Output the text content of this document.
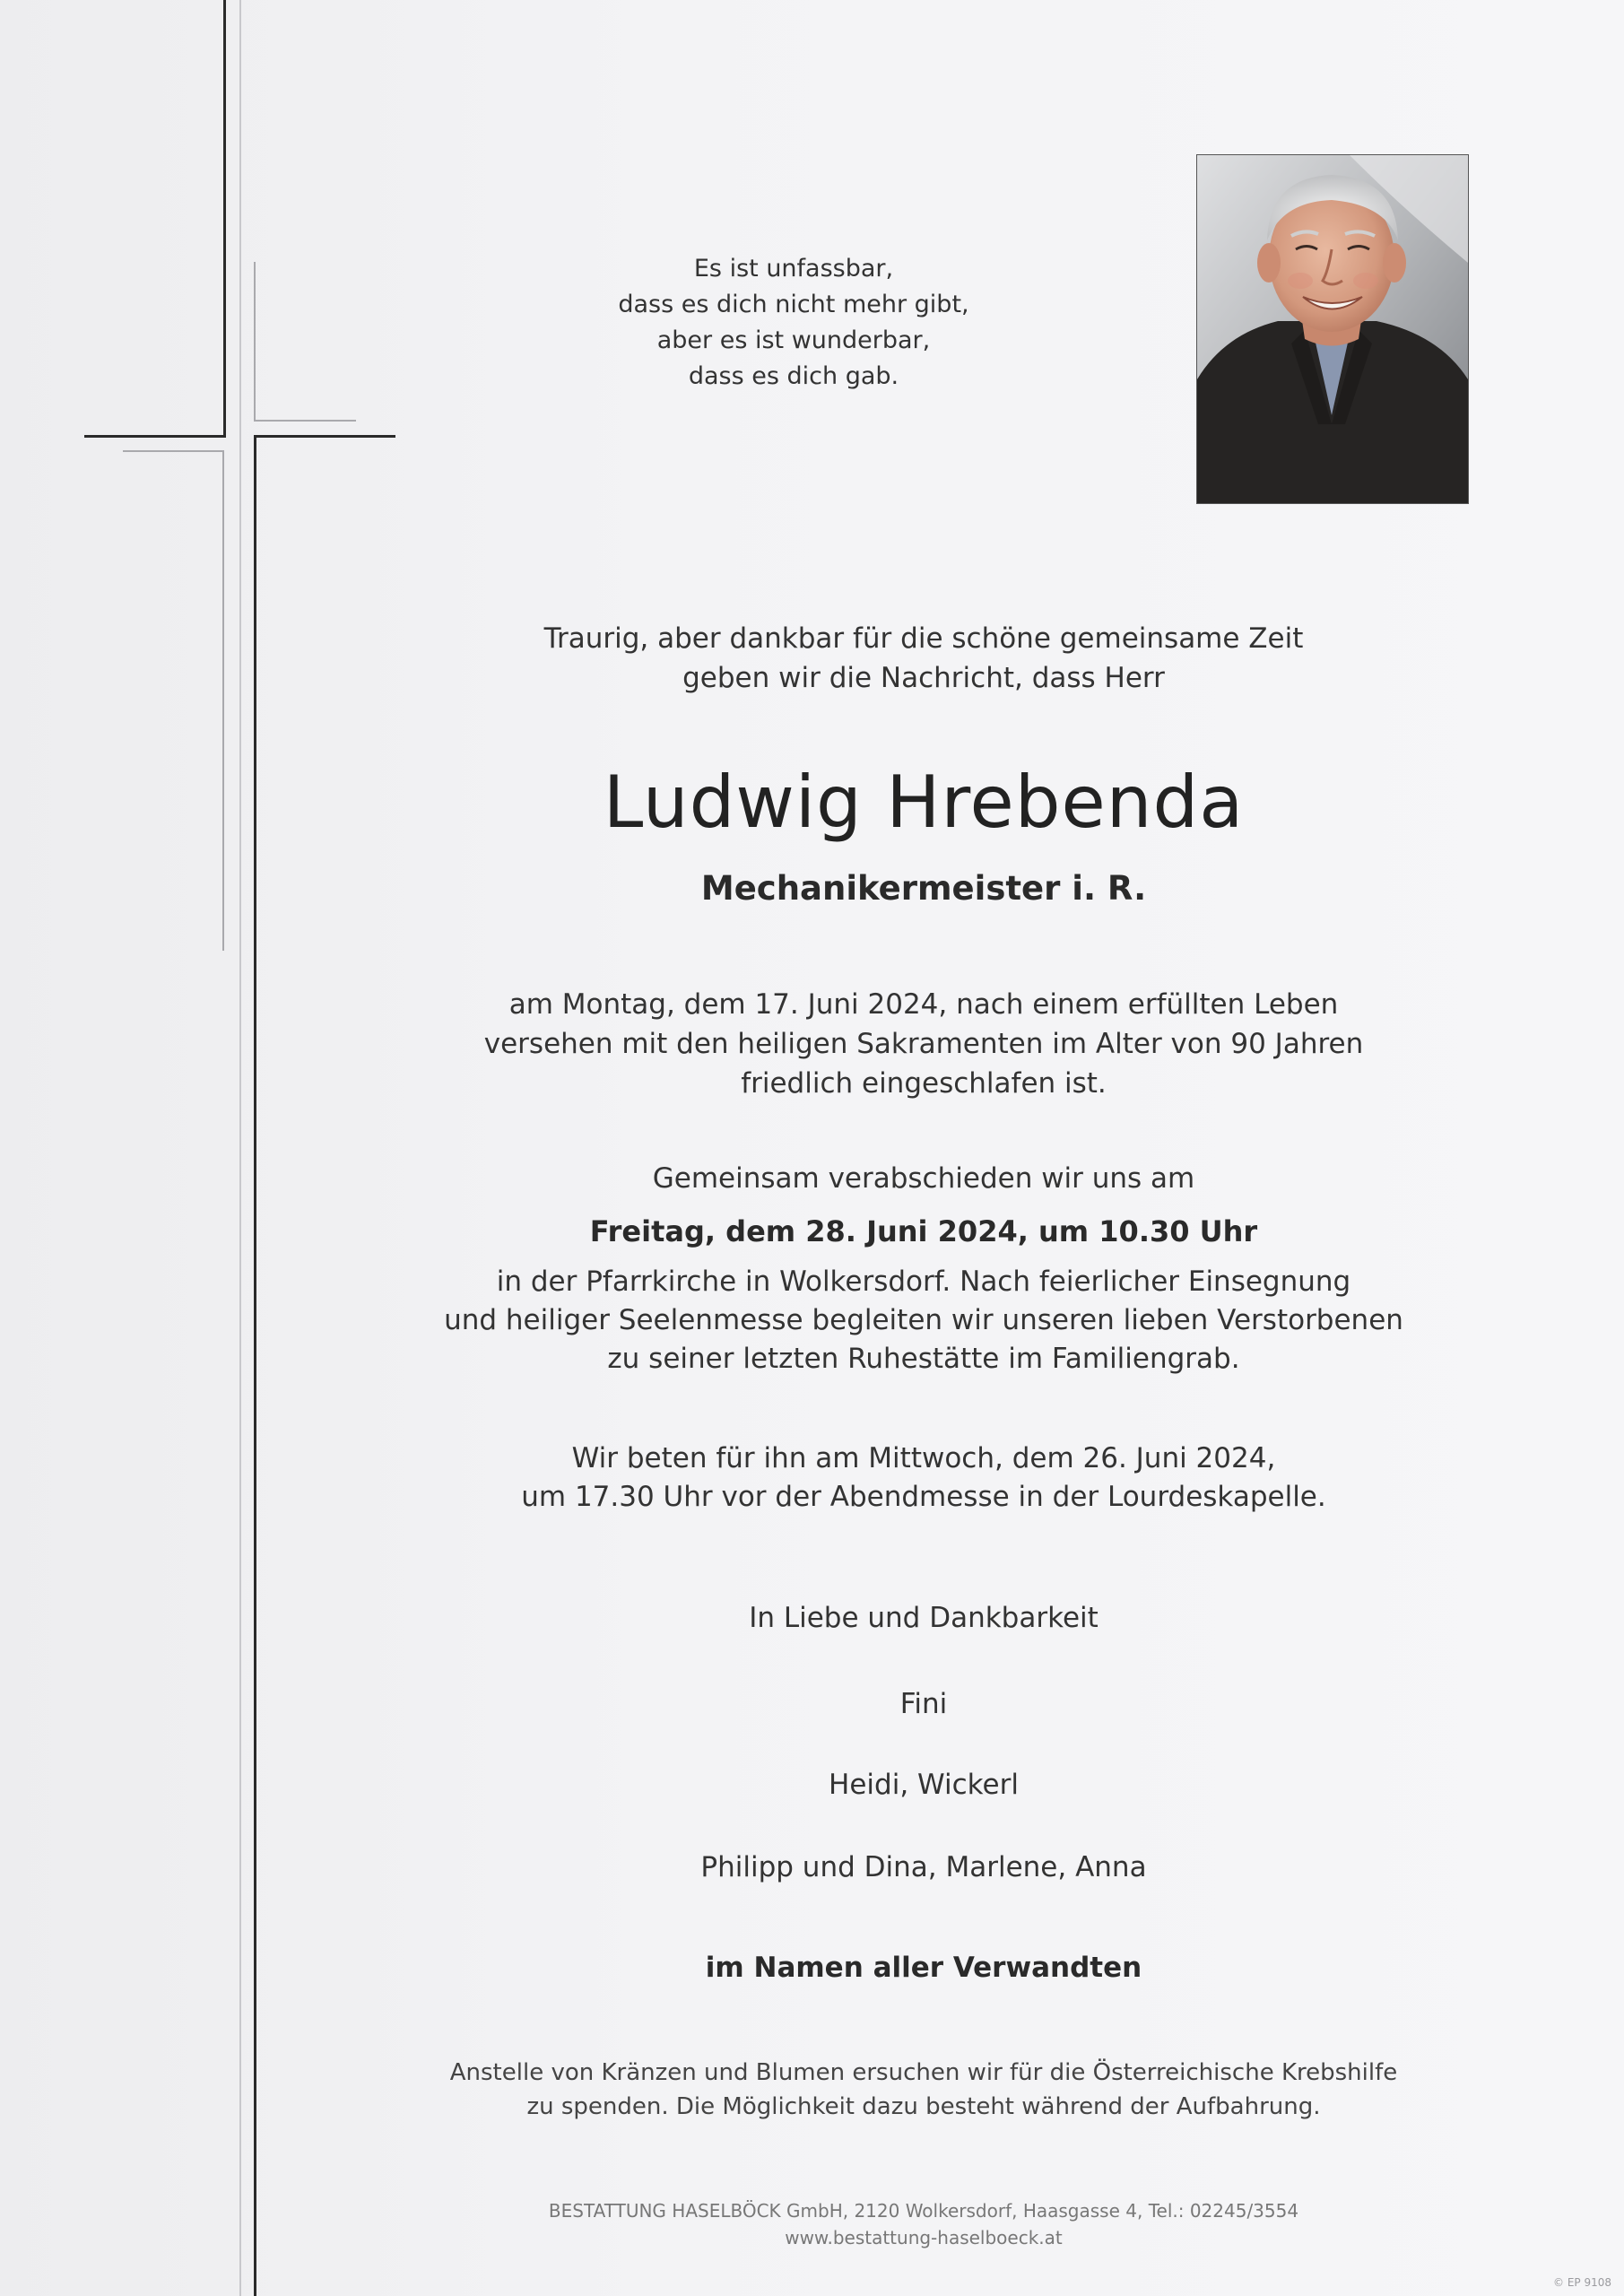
Es ist unfassbar,
dass es dich nicht mehr gibt,
aber es ist wunderbar,
dass es dich gab.
Traurig, aber dankbar für die schöne gemeinsame Zeit
geben wir die Nachricht, dass Herr
Ludwig Hrebenda
Mechanikermeister i. R.
am Montag, dem 17. Juni 2024, nach einem erfüllten Leben
versehen mit den heiligen Sakramenten im Alter von 90 Jahren
friedlich eingeschlafen ist.
Gemeinsam verabschieden wir uns am
Freitag, dem 28. Juni 2024, um 10.30 Uhr
in der Pfarrkirche in Wolkersdorf. Nach feierlicher Einsegnung
und heiliger Seelenmesse begleiten wir unseren lieben Verstorbenen
zu seiner letzten Ruhestätte im Familiengrab.
Wir beten für ihn am Mittwoch, dem 26. Juni 2024,
um 17.30 Uhr vor der Abendmesse in der Lourdeskapelle.
In Liebe und Dankbarkeit
Fini
Heidi, Wickerl
Philipp und Dina, Marlene, Anna
im Namen aller Verwandten
Anstelle von Kränzen und Blumen ersuchen wir für die Österreichische Krebshilfe
zu spenden. Die Möglichkeit dazu besteht während der Aufbahrung.
BESTATTUNG HASELBÖCK GmbH, 2120 Wolkersdorf, Haasgasse 4, Tel.: 02245/3554
www.bestattung-haselboeck.at
© EP 9108
